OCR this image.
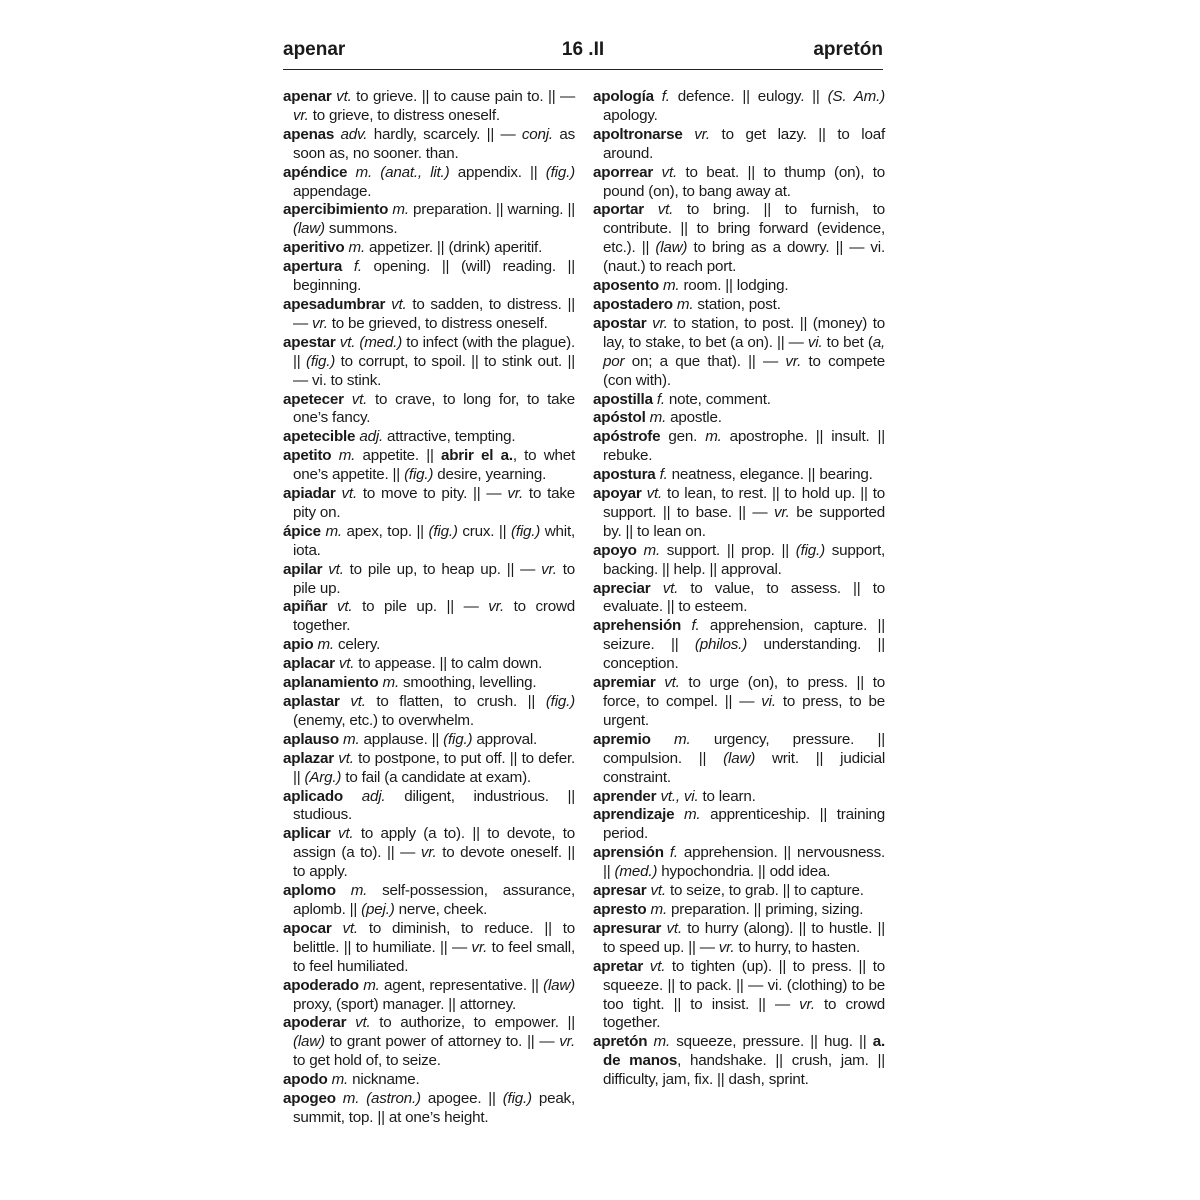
16 .II
apenar	apretón

apenar vt. to grieve. || to cause pain to. || — vr. to grieve, to distress oneself.

apenas adv. hardly, scarcely. || — conj. as soon as, no sooner. than.

apéndice m. (anat., lit.) appendix. || (fig.) appendage.

apercibimiento m. preparation. || warning. || (law) summons.

aperitivo m. appetizer. || (drink) aperitif.

apertura f. opening. || (will) reading. || beginning.

apesadumbrar vt. to sadden, to distress. || — vr. to be grieved, to distress oneself.

apestar vt. (med.) to infect (with the plague). || (fig.) to corrupt, to spoil. || to stink out. || — vi. to stink.

apetecer vt. to crave, to long for, to take one’s fancy.

apetecible adj. attractive, tempting.

apetito m. appetite. || abrir el a., to whet one’s appetite. || (fig.) desire, yearning.

apiadar vt. to move to pity. || — vr. to take pity on.

ápice m. apex, top. || (fig.) crux. || (fig.) whit, iota.

apilar vt. to pile up, to heap up. || — vr. to pile up.

apiñar vt. to pile up. || — vr. to crowd together.

apio m. celery.

aplacar vt. to appease. || to calm down.

aplanamiento m. smoothing, levelling.

aplastar vt. to flatten, to crush. || (fig.) (enemy, etc.) to overwhelm.

aplauso m. applause. || (fig.) approval.

aplazar vt. to postpone, to put off. || to defer. || (Arg.) to fail (a candidate at exam).

aplicado adj. diligent, industrious. || studious.

aplicar vt. to apply (a to). || to devote, to assign (a to). || — vr. to devote oneself. || to apply.

aplomo m. self-possession, assurance, aplomb. || (pej.) nerve, cheek.

apocar vt. to diminish, to reduce. || to belittle. || to humiliate. || — vr. to feel small, to feel humiliated.

apoderado m. agent, representative. || (law) proxy, (sport) manager. || attorney.

apoderar vt. to authorize, to empower. || (law) to grant power of attorney to. || — vr. to get hold of, to seize.

apodo m. nickname.

apogeo m. (astron.) apogee. || (fig.) peak, summit, top. || at one’s height.

apología f. defence. || eulogy. || (S. Am.) apology.

apoltronarse vr. to get lazy. || to loaf around.

aporrear vt. to beat. || to thump (on), to pound (on), to bang away at.

aportar vt. to bring. || to furnish, to contribute. || to bring forward (evidence, etc.). || (law) to bring as a dowry. || — vi. (naut.) to reach port.

aposento m. room. || lodging.

apostadero m. station, post.

apostar vr. to station, to post. || (money) to lay, to stake, to bet (a on). || — vi. to bet (a, por on; a que that). || — vr. to compete (con with).

apostilla f. note, comment.

apóstol m. apostle.

apóstrofe gen. m. apostrophe. || insult. || rebuke.

apostura f. neatness, elegance. || bearing.

apoyar vt. to lean, to rest. || to hold up. || to support. || to base. || — vr. be supported by. || to lean on.

apoyo m. support. || prop. || (fig.) support, backing. || help. || approval.

apreciar vt. to value, to assess. || to evaluate. || to esteem.

aprehensión f. apprehension, capture. || seizure. || (philos.) understanding. || conception.

apremiar vt. to urge (on), to press. || to force, to compel. || — vi. to press, to be urgent.

apremio m. urgency, pressure. || compulsion. || (law) writ. || judicial constraint.

aprender vt., vi. to learn.

aprendizaje m. apprenticeship. || training period.

aprensión f. apprehension. || nervousness. || (med.) hypochondria. || odd idea.

apresar vt. to seize, to grab. || to capture.

apresto m. preparation. || priming, sizing.

apresurar vt. to hurry (along). || to hustle. || to speed up. || — vr. to hurry, to hasten.

apretar vt. to tighten (up). || to press. || to squeeze. || to pack. || — vi. (clothing) to be too tight. || to insist. || — vr. to crowd together.

apretón m. squeeze, pressure. || hug. || a. de manos, handshake. || crush, jam. || difficulty, jam, fix. || dash, sprint.
